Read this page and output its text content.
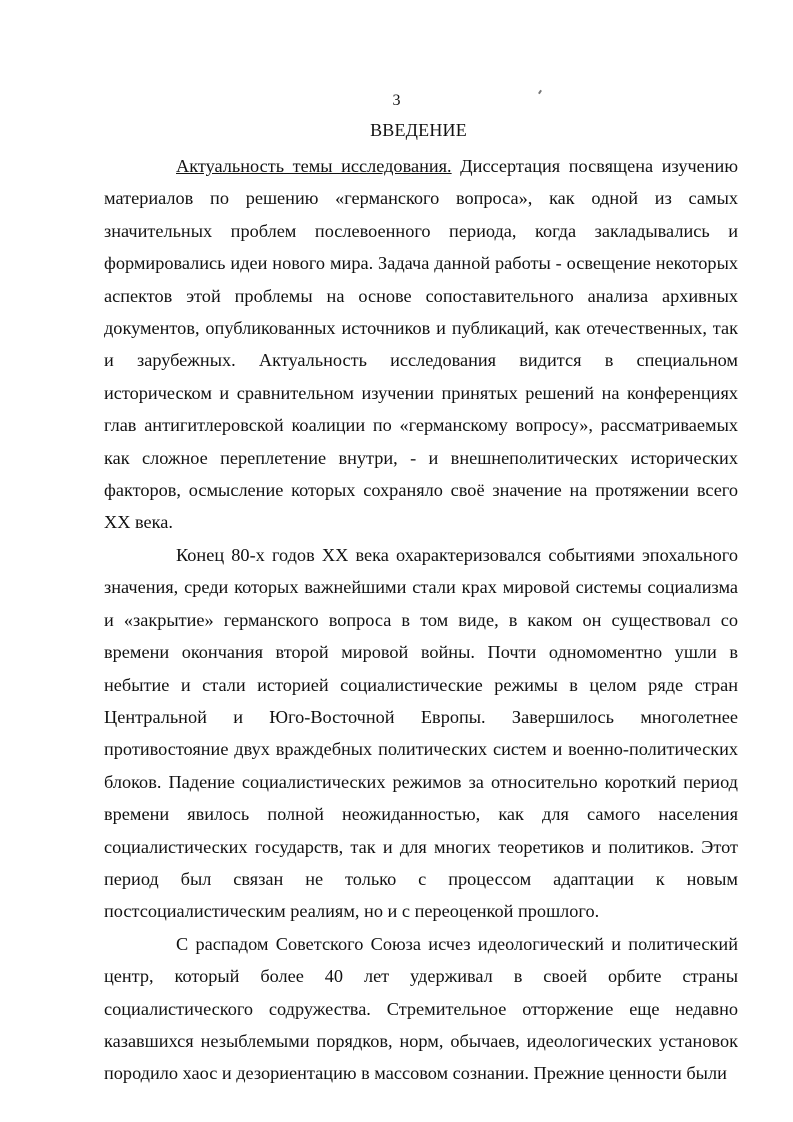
3
ВВЕДЕНИЕ

Актуальность темы исследования. Диссертация посвящена изучению материалов по решению «германского вопроса», как одной из самых значительных проблем послевоенного периода, когда закладывались и формировались идеи нового мира. Задача данной работы - освещение некоторых аспектов этой проблемы на основе сопоставительного анализа архивных документов, опубликованных источников и публикаций, как отечественных, так и зарубежных. Актуальность исследования видится в специальном историческом и сравнительном изучении принятых решений на конференциях глав антигитлеровской коалиции по «германскому вопросу», рассматриваемых как сложное переплетение внутри, - и внешнеполитических исторических факторов, осмысление которых сохраняло своё значение на протяжении всего XX века.

Конец 80-х годов XX века охарактеризовался событиями эпохального значения, среди которых важнейшими стали крах мировой системы социализма и «закрытие» германского вопроса в том виде, в каком он существовал со времени окончания второй мировой войны. Почти одномоментно ушли в небытие и стали историей социалистические режимы в целом ряде стран Центральной и Юго-Восточной Европы. Завершилось многолетнее противостояние двух враждебных политических систем и военно-политических блоков. Падение социалистических режимов за относительно короткий период времени явилось полной неожиданностью, как для самого населения социалистических государств, так и для многих теоретиков и политиков. Этот период был связан не только с процессом адаптации к новым постсоциалистическим реалиям, но и с переоценкой прошлого.

С распадом Советского Союза исчез идеологический и политический центр, который более 40 лет удерживал в своей орбите страны социалистического содружества. Стремительное отторжение еще недавно казавшихся незыблемыми порядков, норм, обычаев, идеологических установок породило хаос и дезориентацию в массовом сознании. Прежние ценности были
